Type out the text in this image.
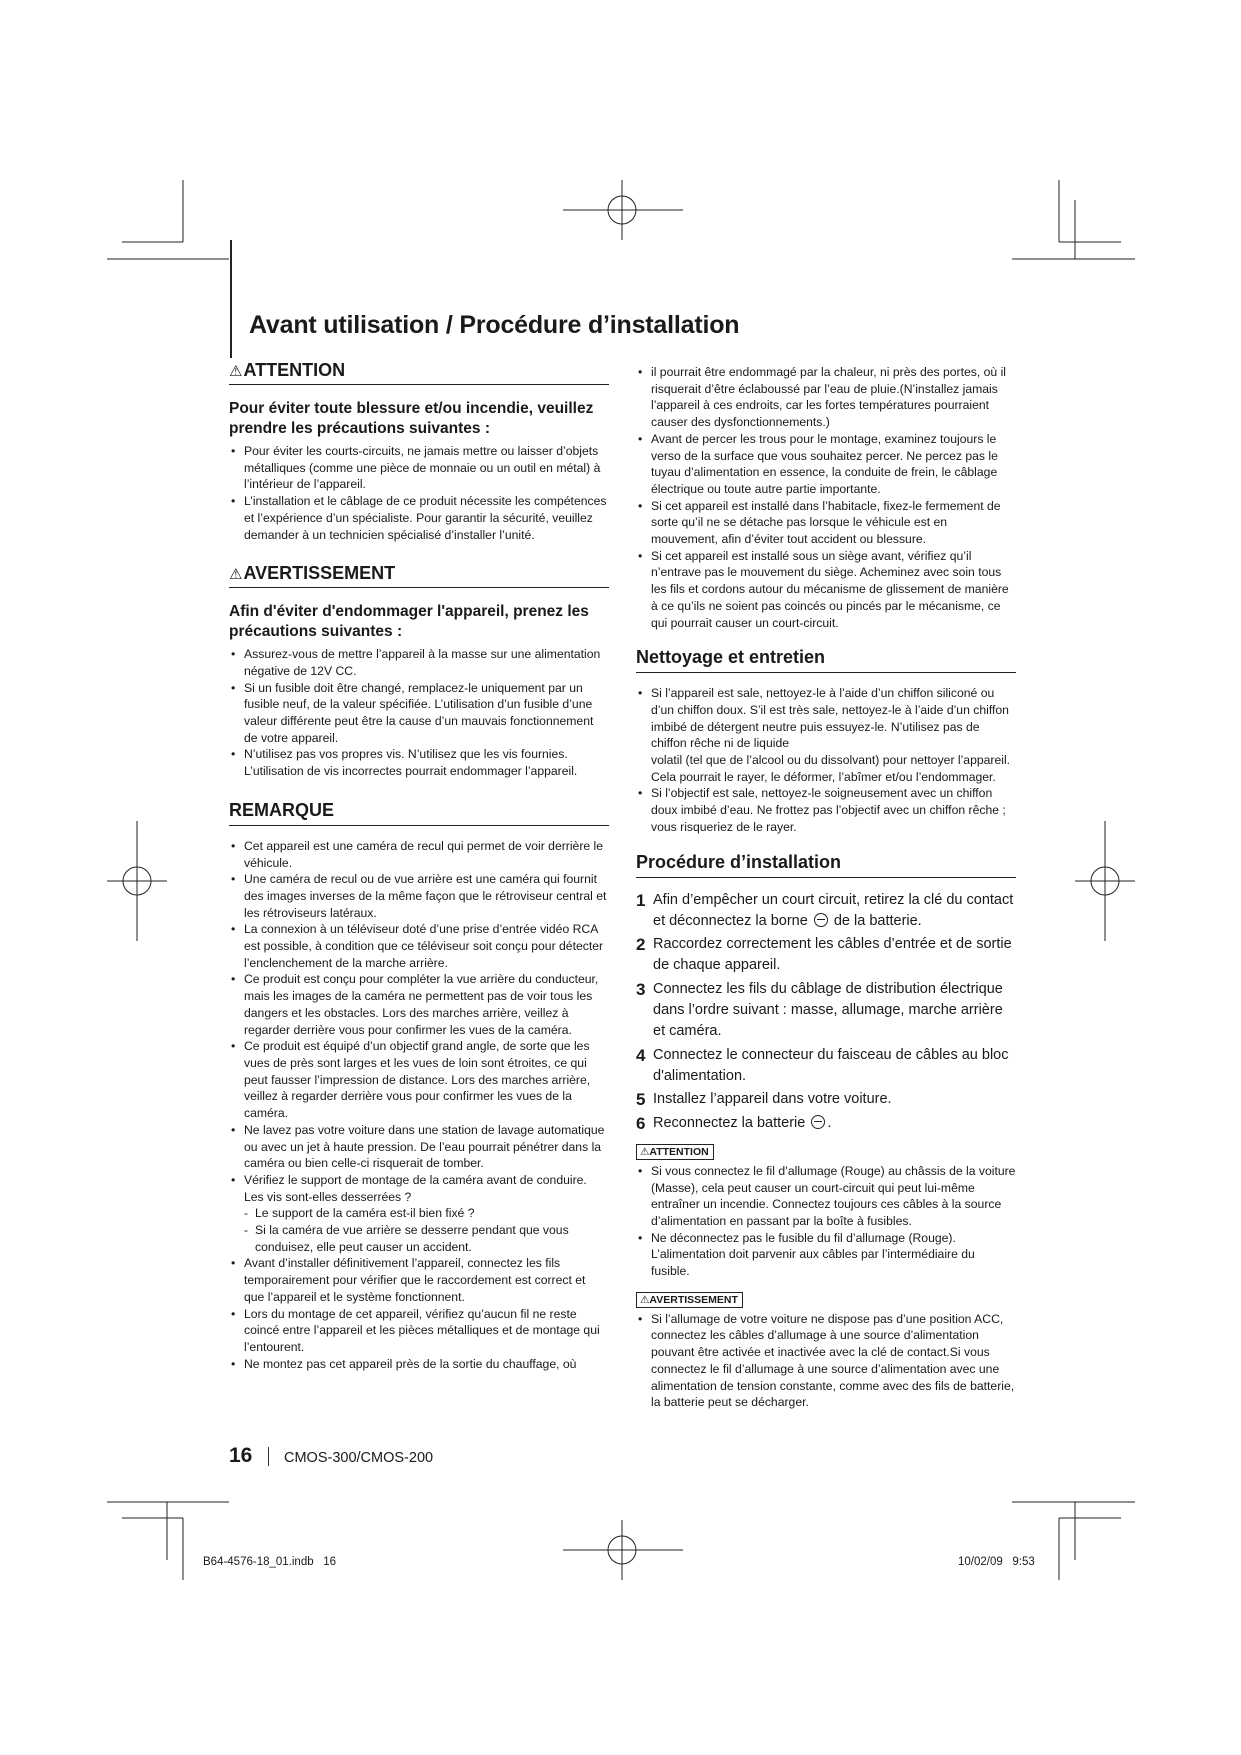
Avant utilisation / Procédure d’installation
⚠ ATTENTION

Pour éviter toute blessure et/ou incendie, veuillez prendre les précautions suivantes :

• Pour éviter les courts-circuits, ne jamais mettre ou laisser d’objets métalliques (comme une pièce de monnaie ou un outil en métal) à l’intérieur de l’appareil.
• L’installation et le câblage de ce produit nécessite les compétences et l’expérience d’un spécialiste. Pour garantir la sécurité, veuillez demander à un technicien spécialisé d’installer l’unité.
⚠ AVERTISSEMENT

Afin d'éviter d'endommager l'appareil, prenez les précautions suivantes :

• Assurez-vous de mettre l’appareil à la masse sur une alimentation négative de 12V CC.
• Si un fusible doit être changé, remplacez-le uniquement par un fusible neuf, de la valeur spécifiée. L’utilisation d’un fusible d’une valeur différente peut être la cause d’un mauvais fonctionnement de votre appareil.
• N’utilisez pas vos propres vis. N’utilisez que les vis fournies. L’utilisation de vis incorrectes pourrait endommager l’appareil.
REMARQUE
• Cet appareil est une caméra de recul qui permet de voir derrière le véhicule.
• Une caméra de recul ou de vue arrière est une caméra qui fournit des images inverses de la même façon que le rétroviseur central et les rétroviseurs latéraux.
• La connexion à un téléviseur doté d’une prise d’entrée vidéo RCA est possible, à condition que ce téléviseur soit conçu pour détecter l’enclenchement de la marche arrière.
• Ce produit est conçu pour compléter la vue arrière du conducteur, mais les images de la caméra ne permettent pas de voir tous les dangers et les obstacles. Lors des marches arrière, veillez à regarder derrière vous pour confirmer les vues de la caméra.
• Ce produit est équipé d’un objectif grand angle, de sorte que les vues de près sont larges et les vues de loin sont étroites, ce qui peut fausser l’impression de distance. Lors des marches arrière, veillez à regarder derrière vous pour confirmer les vues de la caméra.
• Ne lavez pas votre voiture dans une station de lavage automatique ou avec un jet à haute pression. De l’eau pourrait pénétrer dans la caméra ou bien celle-ci risquerait de tomber.
• Vérifiez le support de montage de la caméra avant de conduire.
Les vis sont-elles desserrées ?
- Le support de la caméra est-il bien fixé ?
- Si la caméra de vue arrière se desserre pendant que vous conduisez, elle peut causer un accident.
• Avant d’installer définitivement l’appareil, connectez les fils temporairement pour vérifier que le raccordement est correct et que l’appareil et le système fonctionnent.
• Lors du montage de cet appareil, vérifiez qu’aucun fil ne reste coincé entre l’appareil et les pièces métalliques et de montage qui l’entourent.
• Ne montez pas cet appareil près de la sortie du chauffage, où
• il pourrait être endommagé par la chaleur, ni près des portes, où il risquerait d’être éclaboussé par l’eau de pluie.(N’installez jamais l’appareil à ces endroits, car les fortes températures pourraient causer des dysfonctionnements.)
• Avant de percer les trous pour le montage, examinez toujours le verso de la surface que vous souhaitez percer. Ne percez pas le tuyau d’alimentation en essence, la conduite de frein, le câblage électrique ou toute autre partie importante.
• Si cet appareil est installé dans l’habitacle, fixez-le fermement de sorte qu’il ne se détache pas lorsque le véhicule est en mouvement, afin d’éviter tout accident ou blessure.
• Si cet appareil est installé sous un siège avant, vérifiez qu’il n’entrave pas le mouvement du siège. Acheminez avec soin tous les fils et cordons autour du mécanisme de glissement de manière à ce qu’ils ne soient pas coincés ou pincés par le mécanisme, ce qui pourrait causer un court-circuit.
Nettoyage et entretien
• Si l’appareil est sale, nettoyez-le à l’aide d’un chiffon siliconé ou d’un chiffon doux. S’il est très sale, nettoyez-le à l’aide d’un chiffon imbibé de détergent neutre puis essuyez-le. N’utilisez pas de chiffon rêche ni de liquide
volatil (tel que de l’alcool ou du dissolvant) pour nettoyer l’appareil. Cela pourrait le rayer, le déformer, l’abîmer et/ou l’endommager.
• Si l’objectif est sale, nettoyez-le soigneusement avec un chiffon doux imbibé d’eau. Ne frottez pas l’objectif avec un chiffon rêche ; vous risqueriez de le rayer.
Procédure d’installation
1 Afin d’empêcher un court circuit, retirez la clé du contact et déconnectez la borne de la batterie.
2 Raccordez correctement les câbles d’entrée et de sortie de chaque appareil.
3 Connectez les fils du câblage de distribution électrique dans l’ordre suivant : masse, allumage, marche arrière et caméra.
4 Connectez le connecteur du faisceau de câbles au bloc d'alimentation.
5 Installez l’appareil dans votre voiture.
6 Reconnectez la batterie .
⚠ATTENTION
• Si vous connectez le fil d’allumage (Rouge) au châssis de la voiture (Masse), cela peut causer un court-circuit qui peut lui-même entraîner un incendie. Connectez toujours ces câbles à la source d’alimentation en passant par la boîte à fusibles.
• Ne déconnectez pas le fusible du fil d’allumage (Rouge). L’alimentation doit parvenir aux câbles par l’intermédiaire du fusible.
⚠AVERTISSEMENT
• Si l’allumage de votre voiture ne dispose pas d’une position ACC, connectez les câbles d’allumage à une source d’alimentation pouvant être activée et inactivée avec la clé de contact.Si vous connectez le fil d’allumage à une source d’alimentation avec une alimentation de tension constante, comme avec des fils de batterie, la batterie peut se décharger.
16 CMOS-300/CMOS-200
B64-4576-18_01.indb   16	10/02/09   9:53
